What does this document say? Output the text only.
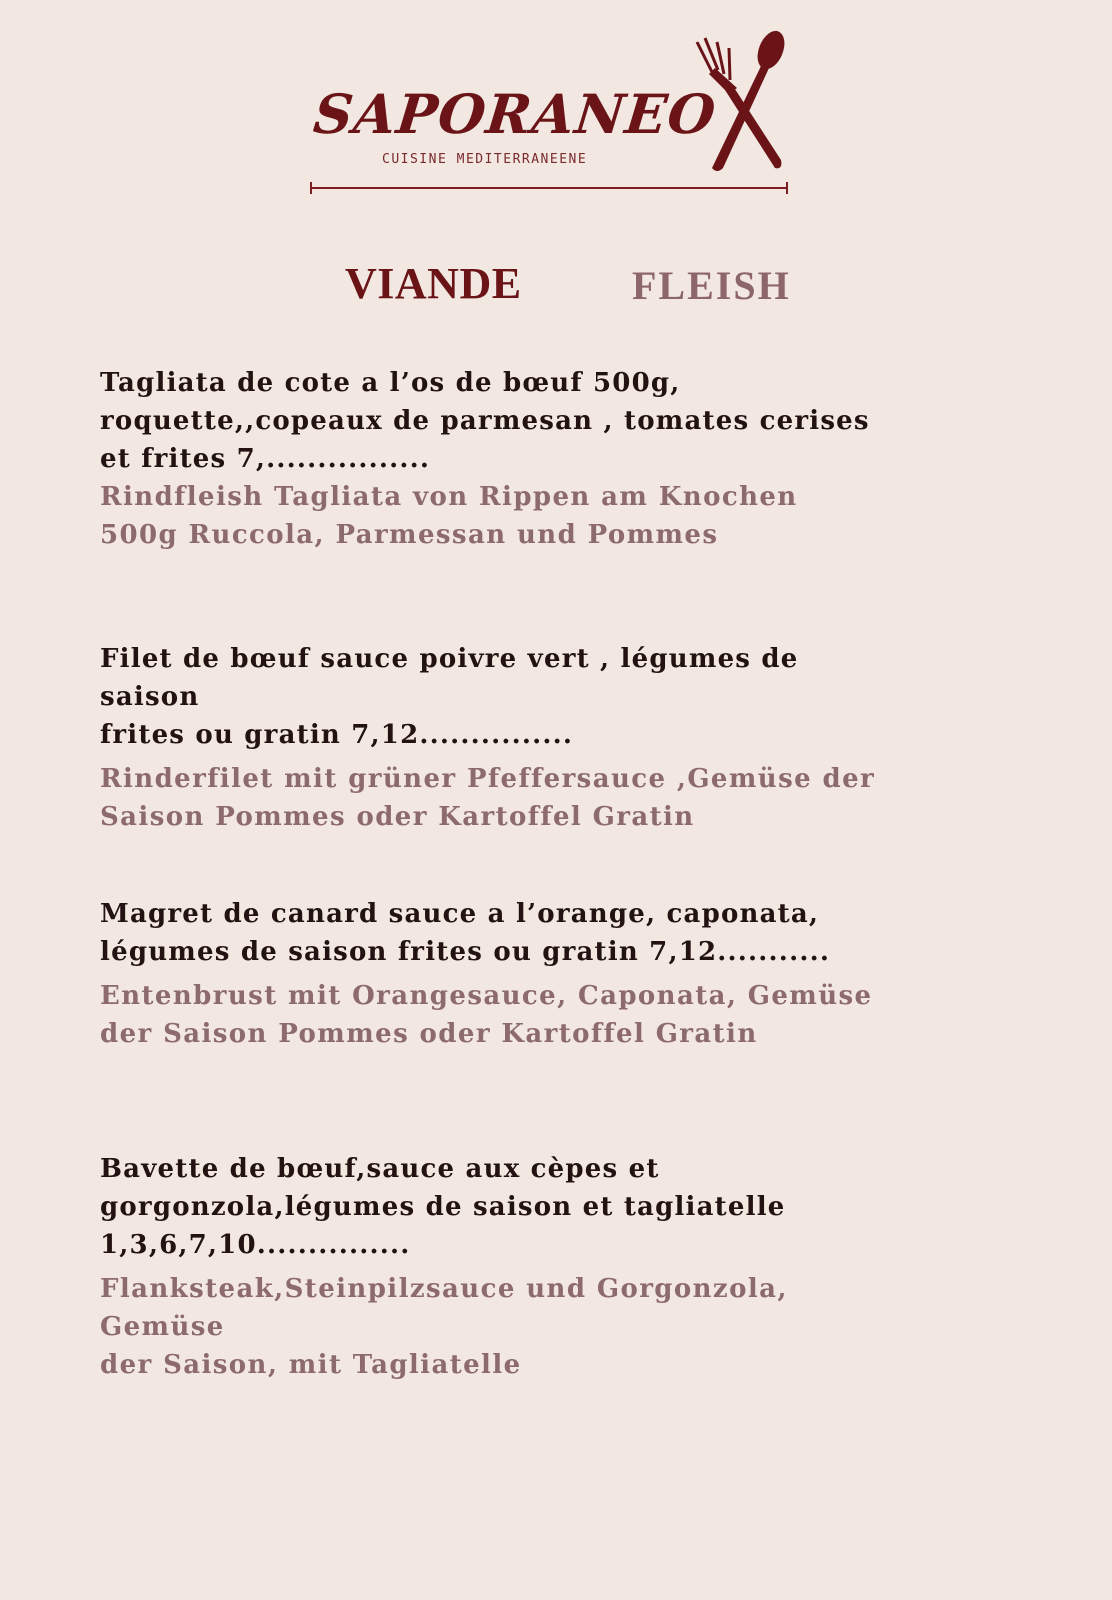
SAPORANEO
CUISINE MEDITERRANEENE
VIANDE	FLEISH

Tagliata de cote a l’os de bœuf 500g,
roquette,,copeaux de parmesan , tomates cerises
et frites 7,................

Rindfleish Tagliata von Rippen am Knochen
500g Ruccola, Parmessan und Pommes

Filet de bœuf sauce poivre vert , légumes de saison
frites ou gratin 7,12...............

Rinderfilet mit grüner Pfeffersauce ,Gemüse der
Saison Pommes oder Kartoffel Gratin

Magret de canard sauce a l’orange, caponata,
légumes de saison frites ou gratin 7,12...........

Entenbrust mit Orangesauce, Caponata, Gemüse
der Saison Pommes oder Kartoffel Gratin

Bavette de bœuf,sauce aux cèpes et
gorgonzola,légumes de saison et tagliatelle
1,3,6,7,10...............

Flanksteak,Steinpilzsauce und Gorgonzola, Gemüse
der Saison, mit Tagliatelle
